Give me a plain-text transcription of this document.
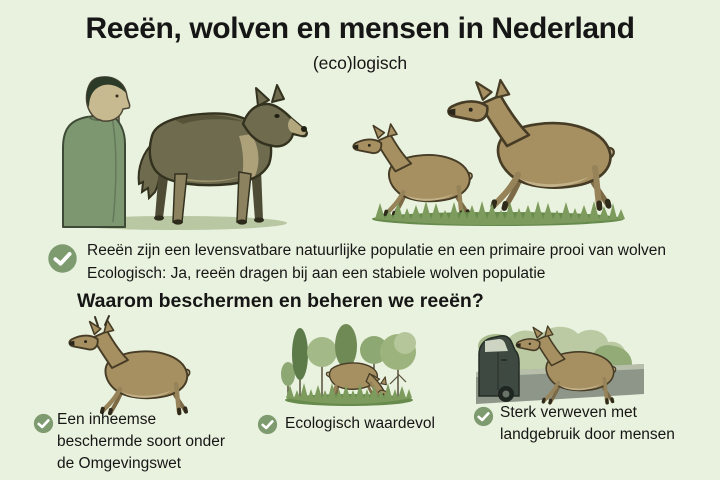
Reeën, wolven en mensen in Nederland
(eco)logisch
Reeën zijn een levensvatbare natuurlijke populatie en een primaire prooi van wolven
Ecologisch: Ja, reeën dragen bij aan een stabiele wolven populatie
Waarom beschermen en beheren we reeën?
Een inheemse beschermde soort onder de Omgevingswet
Ecologisch waardevol
Sterk verweven met landgebruik door mensen
